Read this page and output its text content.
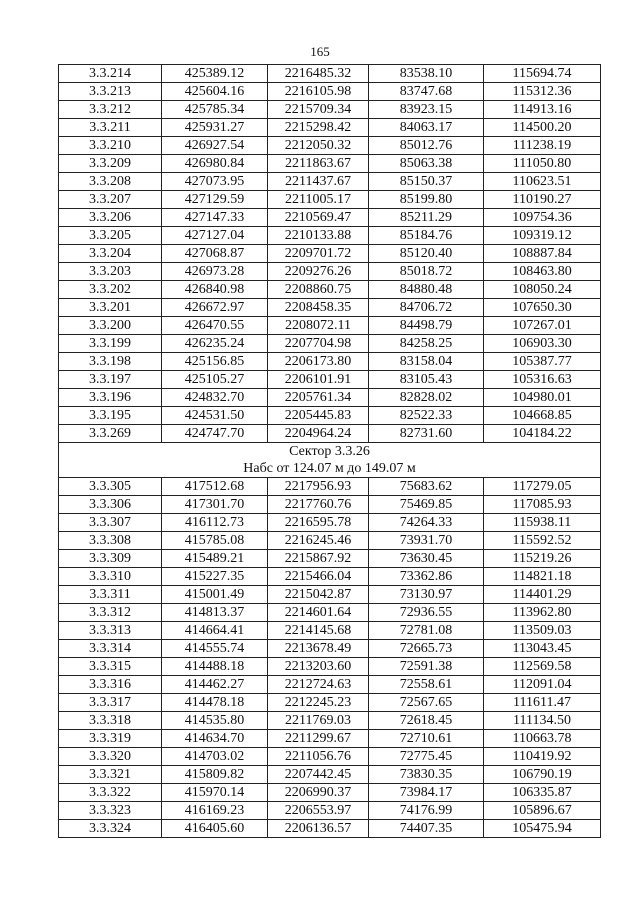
165
3.3.214	425389.12	2216485.32	83538.10	115694.74
3.3.213	425604.16	2216105.98	83747.68	115312.36
3.3.212	425785.34	2215709.34	83923.15	114913.16
3.3.211	425931.27	2215298.42	84063.17	114500.20
3.3.210	426927.54	2212050.32	85012.76	111238.19
3.3.209	426980.84	2211863.67	85063.38	111050.80
3.3.208	427073.95	2211437.67	85150.37	110623.51
3.3.207	427129.59	2211005.17	85199.80	110190.27
3.3.206	427147.33	2210569.47	85211.29	109754.36
3.3.205	427127.04	2210133.88	85184.76	109319.12
3.3.204	427068.87	2209701.72	85120.40	108887.84
3.3.203	426973.28	2209276.26	85018.72	108463.80
3.3.202	426840.98	2208860.75	84880.48	108050.24
3.3.201	426672.97	2208458.35	84706.72	107650.30
3.3.200	426470.55	2208072.11	84498.79	107267.01
3.3.199	426235.24	2207704.98	84258.25	106903.30
3.3.198	425156.85	2206173.80	83158.04	105387.77
3.3.197	425105.27	2206101.91	83105.43	105316.63
3.3.196	424832.70	2205761.34	82828.02	104980.01
3.3.195	424531.50	2205445.83	82522.33	104668.85
3.3.269	424747.70	2204964.24	82731.60	104184.22

Сектор 3.3.26
Набс от 124.07 м до 149.07 м				

3.3.305	417512.68	2217956.93	75683.62	117279.05
3.3.306	417301.70	2217760.76	75469.85	117085.93
3.3.307	416112.73	2216595.78	74264.33	115938.11
3.3.308	415785.08	2216245.46	73931.70	115592.52
3.3.309	415489.21	2215867.92	73630.45	115219.26
3.3.310	415227.35	2215466.04	73362.86	114821.18
3.3.311	415001.49	2215042.87	73130.97	114401.29
3.3.312	414813.37	2214601.64	72936.55	113962.80
3.3.313	414664.41	2214145.68	72781.08	113509.03
3.3.314	414555.74	2213678.49	72665.73	113043.45
3.3.315	414488.18	2213203.60	72591.38	112569.58
3.3.316	414462.27	2212724.63	72558.61	112091.04
3.3.317	414478.18	2212245.23	72567.65	111611.47
3.3.318	414535.80	2211769.03	72618.45	111134.50
3.3.319	414634.70	2211299.67	72710.61	110663.78
3.3.320	414703.02	2211056.76	72775.45	110419.92
3.3.321	415809.82	2207442.45	73830.35	106790.19
3.3.322	415970.14	2206990.37	73984.17	106335.87
3.3.323	416169.23	2206553.97	74176.99	105896.67
3.3.324	416405.60	2206136.57	74407.35	105475.94
